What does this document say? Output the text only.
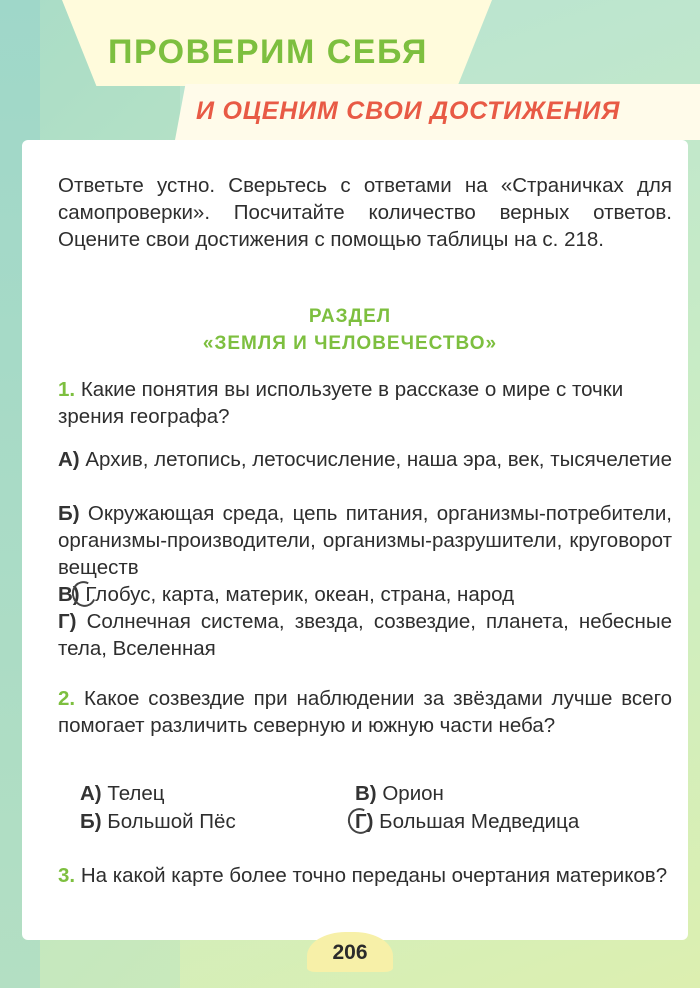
ПРОВЕРИМ СЕБЯ
И ОЦЕНИМ СВОИ ДОСТИЖЕНИЯ
Ответьте устно. Сверьтесь с ответами на «Страничках для самопроверки». Посчитайте количество верных ответов. Оцените свои достижения с помощью таблицы на с. 218.
РАЗДЕЛ
«ЗЕМЛЯ И ЧЕЛОВЕЧЕСТВО»
1. Какие понятия вы используете в рассказе о мире с точки зрения географа?
А) Архив, летопись, летосчисление, наша эра, век, тысячелетие
Б) Окружающая среда, цепь питания, организмы-потребители, организмы-производители, организмы-разрушители, круговорот веществ
В) Глобус, карта, материк, океан, страна, народ
Г) Солнечная система, звезда, созвездие, планета, небесные тела, Вселенная
2. Какое созвездие при наблюдении за звёздами лучше всего помогает различить северную и южную части неба?
А) Телец
Б) Большой Пёс
В) Орион
Г) Большая Медведица
3. На какой карте более точно переданы очертания материков?
206
